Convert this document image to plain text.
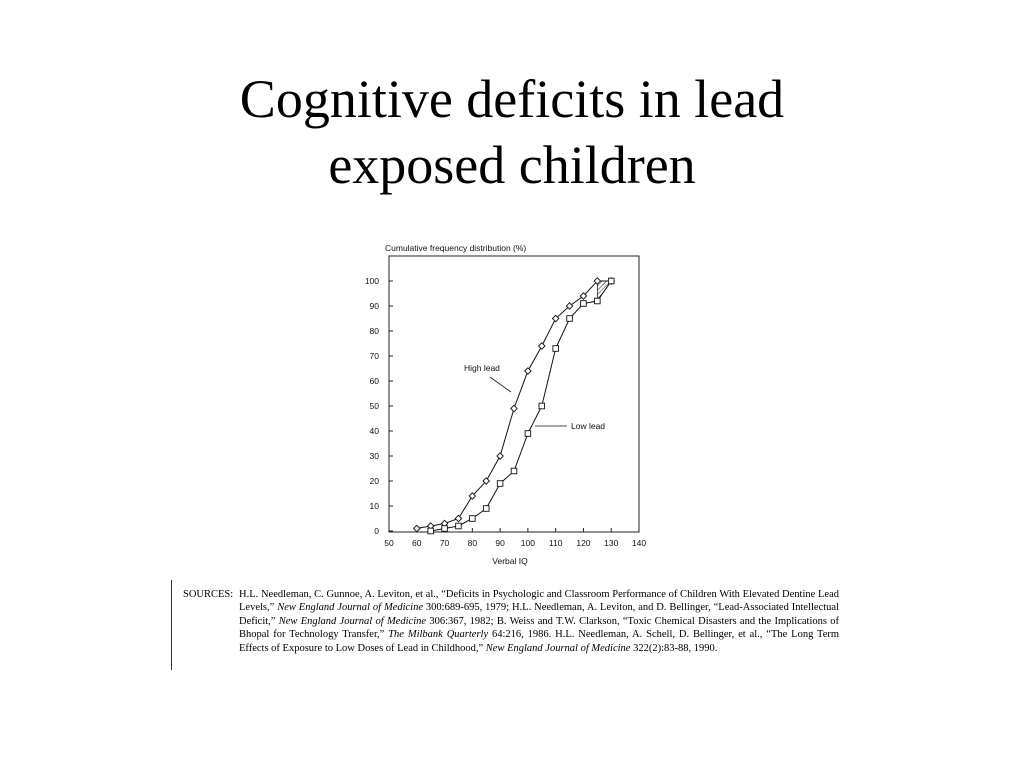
Cognitive deficits in lead
exposed children
Cumulative frequency distribution (%)
0
10
20
30
40
50
60
70
80
90
100
50 60 70 80 90 100 110 120 130 140
High lead
Low lead
Verbal IQ
SOURCES: H.L. Needleman, C. Gunnoe, A. Leviton, et al., “Deficits in Psychologic and Classroom Performance of Children With Elevated Dentine Lead Levels,” New England Journal of Medicine 300:689-695, 1979; H.L. Needleman, A. Leviton, and D. Bellinger, “Lead-Associated Intellectual Deficit,” New England Journal of Medicine 306:367, 1982; B. Weiss and T.W. Clarkson, “Toxic Chemical Disasters and the Implications of Bhopal for Technology Transfer,” The Milbank Quarterly 64:216, 1986. H.L. Needleman, A. Schell, D. Bellinger, et al., “The Long Term Effects of Exposure to Low Doses of Lead in Childhood,” New England Journal of Medicine 322(2):83-88, 1990.
